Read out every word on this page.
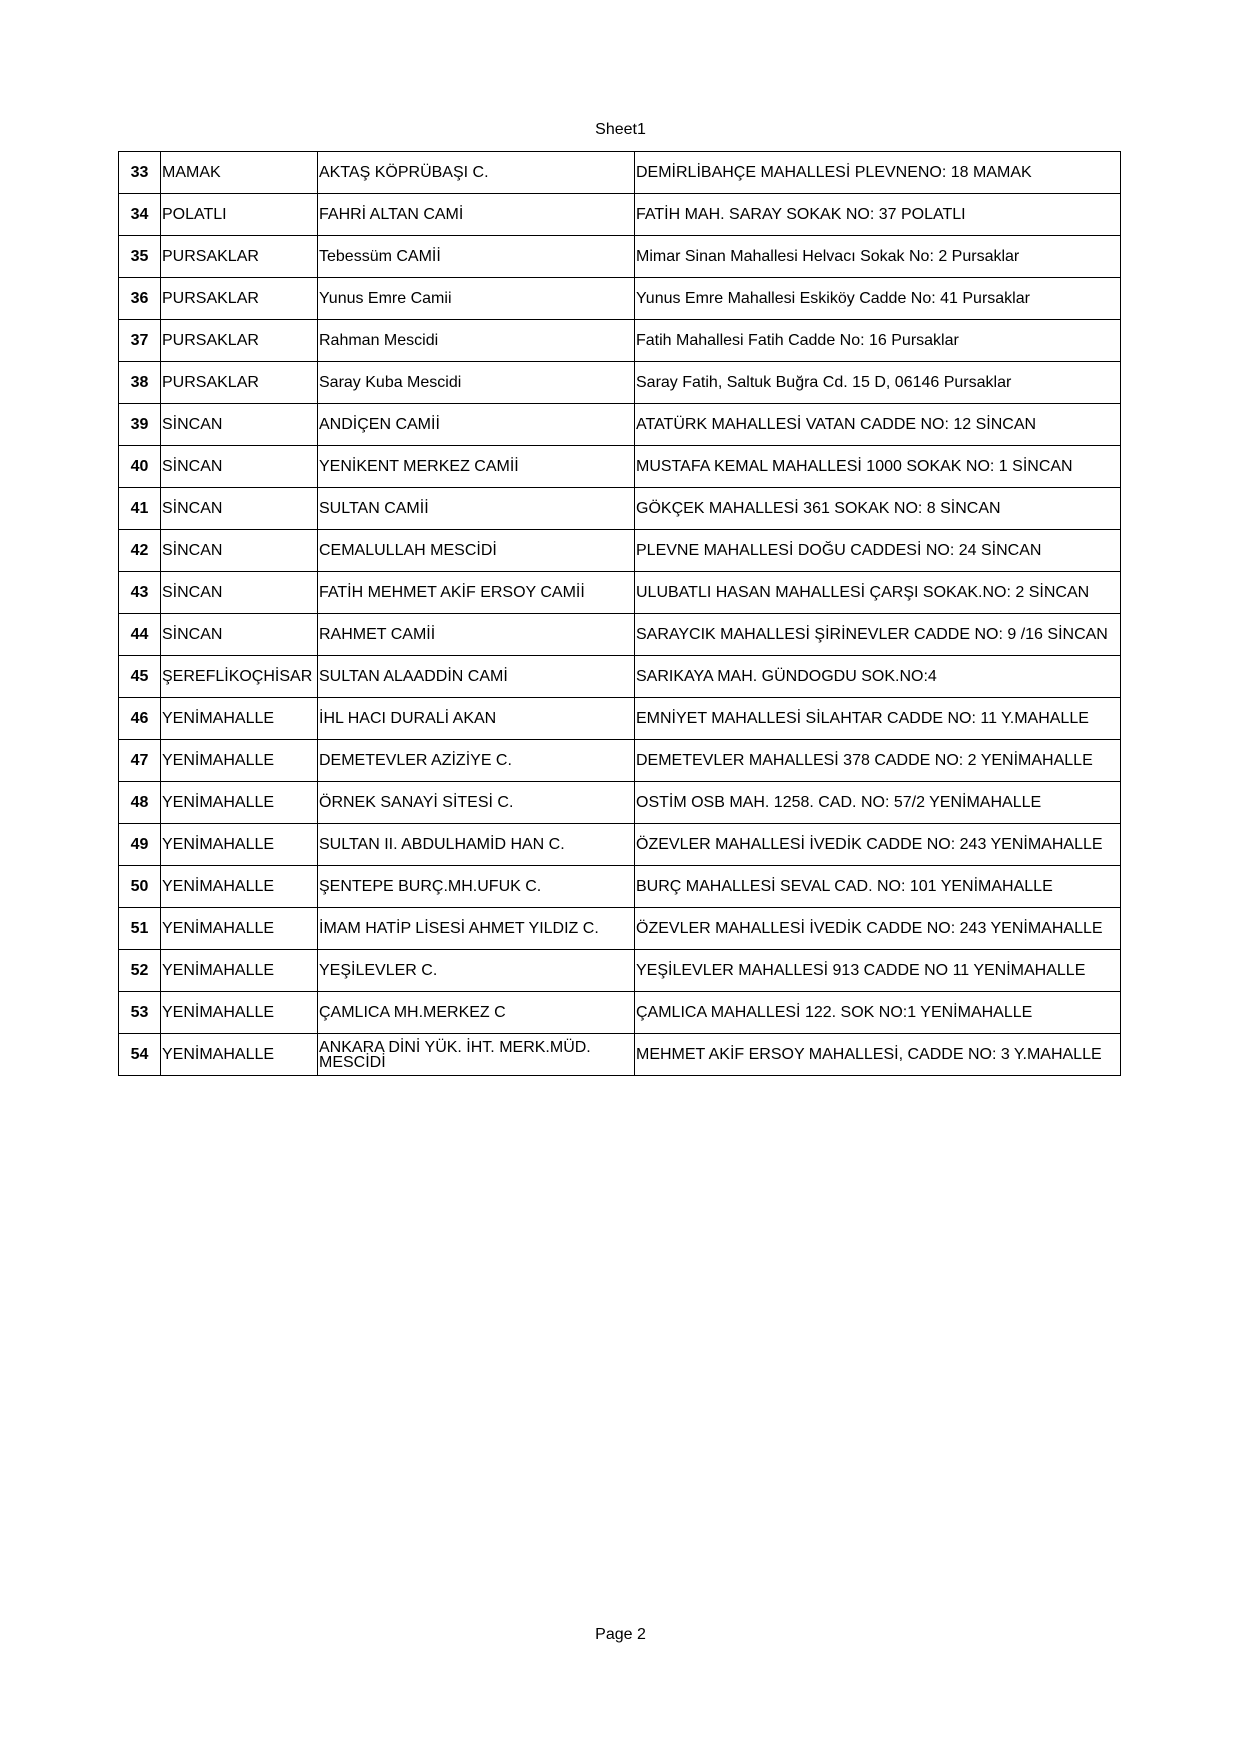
Sheet1
33	MAMAK	AKTAŞ KÖPRÜBAŞI C.	DEMİRLİBAHÇE MAHALLESİ PLEVNENO: 18 MAMAK
34	POLATLI	FAHRİ ALTAN CAMİ	FATİH MAH. SARAY SOKAK NO: 37 POLATLI
35	PURSAKLAR	Tebessüm CAMİİ	Mimar Sinan Mahallesi Helvacı Sokak No: 2 Pursaklar
36	PURSAKLAR	Yunus Emre Camii	Yunus Emre Mahallesi Eskiköy Cadde No: 41 Pursaklar
37	PURSAKLAR	Rahman Mescidi	Fatih Mahallesi Fatih Cadde No: 16 Pursaklar
38	PURSAKLAR	Saray Kuba Mescidi	Saray Fatih, Saltuk Buğra Cd. 15 D, 06146 Pursaklar
39	SİNCAN	ANDİÇEN CAMİİ	ATATÜRK MAHALLESİ VATAN CADDE NO: 12 SİNCAN
40	SİNCAN	YENİKENT MERKEZ CAMİİ	MUSTAFA KEMAL MAHALLESİ 1000 SOKAK NO: 1 SİNCAN
41	SİNCAN	SULTAN CAMİİ	GÖKÇEK MAHALLESİ 361 SOKAK NO: 8 SİNCAN
42	SİNCAN	CEMALULLAH MESCİDİ	PLEVNE MAHALLESİ DOĞU CADDESİ NO: 24 SİNCAN
43	SİNCAN	FATİH MEHMET AKİF ERSOY CAMİİ	ULUBATLI HASAN MAHALLESİ ÇARŞI SOKAK.NO: 2 SİNCAN
44	SİNCAN	RAHMET CAMİİ	SARAYCIK MAHALLESİ ŞİRİNEVLER CADDE NO: 9 /16 SİNCAN
45	ŞEREFLİKOÇHİSAR	SULTAN ALAADDİN CAMİ	SARIKAYA MAH. GÜNDOGDU SOK.NO:4
46	YENİMAHALLE	İHL HACI DURALİ AKAN	EMNİYET MAHALLESİ SİLAHTAR CADDE NO: 11 Y.MAHALLE
47	YENİMAHALLE	DEMETEVLER AZİZİYE C.	DEMETEVLER MAHALLESİ 378 CADDE NO: 2 YENİMAHALLE
48	YENİMAHALLE	ÖRNEK SANAYİ SİTESİ C.	OSTİM OSB MAH. 1258. CAD. NO: 57/2 YENİMAHALLE
49	YENİMAHALLE	SULTAN II. ABDULHAMİD HAN C.	ÖZEVLER MAHALLESİ İVEDİK CADDE NO: 243 YENİMAHALLE
50	YENİMAHALLE	ŞENTEPE BURÇ.MH.UFUK C.	BURÇ MAHALLESİ SEVAL CAD. NO: 101 YENİMAHALLE
51	YENİMAHALLE	İMAM HATİP LİSESİ AHMET YILDIZ C.	ÖZEVLER MAHALLESİ İVEDİK CADDE NO: 243 YENİMAHALLE
52	YENİMAHALLE	YEŞİLEVLER C.	YEŞİLEVLER MAHALLESİ 913 CADDE NO 11 YENİMAHALLE
53	YENİMAHALLE	ÇAMLICA MH.MERKEZ C	ÇAMLICA MAHALLESİ 122. SOK NO:1 YENİMAHALLE
54	YENİMAHALLE	ANKARA DİNİ YÜK. İHT. MERK.MÜD. MESCİDİ	MEHMET AKİF ERSOY MAHALLESİ, CADDE NO: 3 Y.MAHALLE
Page 2
